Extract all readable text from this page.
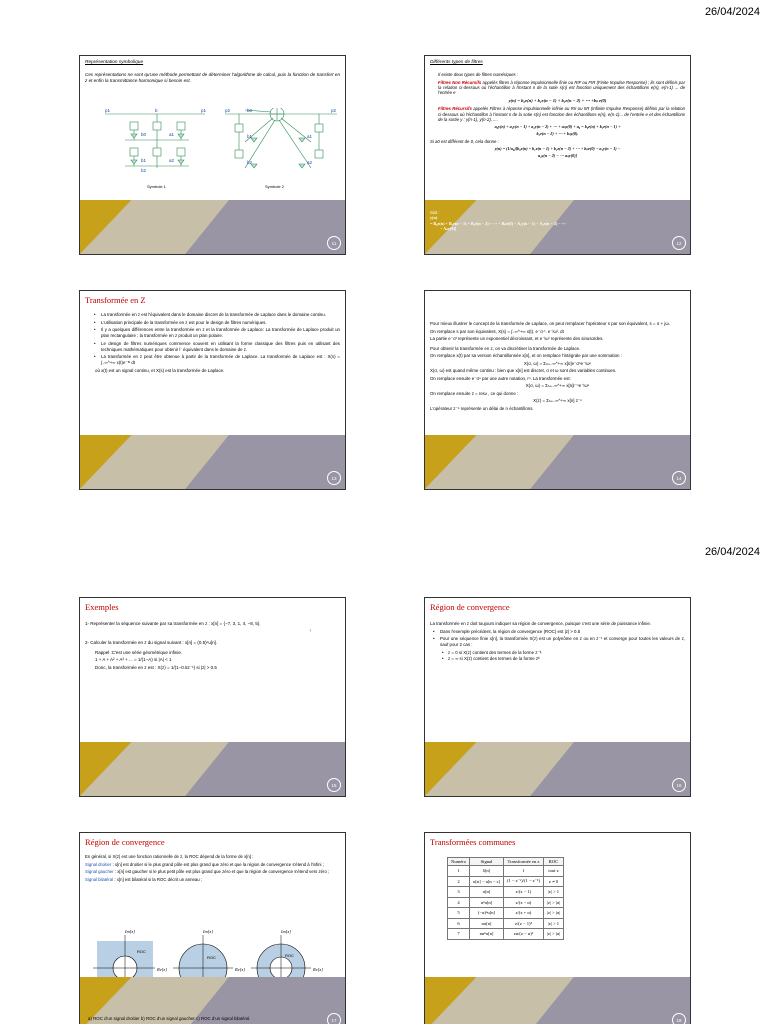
26/04/2024
26/04/2024
Représentation symbolique

Ces représentations ne sont qu'une méthode permettant de déterminer l'algorithme de calcul, puis la fonction de transfert en z et enfin la transmittance harmonique si besoin est.

p1	b	p1
b0	a1
b1	a2
b2
p2	b0	p2
b1	a1
b2	a2
Symbole 1	Symbole 2
11
Différents types de filtres

Il existe deux types de filtres numériques :

Filtres Non Récursifs appelés filtres à réponse impulsionnelle finie ou RIF ou FIR (Finite Impulse Response) ; ils sont définis par la relation ci-dessous où l'échantillon à l'instant n de la sotie s(n) est fonction uniquement des échantillons e(n), e(n-1) ... de l'entrée e

y(n) = b₀e(n) + b₁e(n − 1) + b₂e(n − 2) + ⋯ +bₙ e(0)

Filtres Récursifs appelés Filtres à réponse impulsionnelle infinie ou RII ou IIR (Infinite Impulse Response) définis par la relation ci-dessous où l'échantillon à l'instant n de la sotie s(n) est fonction des échantillons e(n), e(n-1)... de l'entrée e et des échantillons de la sortie y : y(n-1), y(n-2), ....

a₀y(n) + a₁y(n − 1) + a₂y(n − 2) + ⋯ + aₙy(0) + a₀ = b₀e(n) + b₁e(n − 1) +
b₂e(n − 2) + ⋯ + bₙy(0).

Si a0 est différent de 0, cela donne :

y(n) = (1/a₀)[b₀e(n) + b₁e(n − 1) + b₂e(n − 2) + ⋯ + bₙe(0) − a₁y(n − 1) −
a₂y(n − 2) − ⋯ aₙy(0)]
Soit :
y(n)
= B₀e(n) + B₁e(n − 1) + B₂e(n − 2) + ⋯ + Bₙe(0) − A₁y(n − 1) − A₂e(n − 2) − ⋯
− Aₙy(0)]
12
Transformée en Z
• La transformée en z est l'équivalent dans le domaine discret de la transformée de Laplace dans le domaine continu.
• L'utilisation principale de la transformée en z est pour le design de filtres numériques.
• Il y a quelques différences entre la transformée en z et la transformée de Laplace: La transformée de Laplace produit un plan rectangulaire ; la transformée en z produit un plan polaire.
• Le design de filtres numériques commence souvent en utilisant la forme classique des filtres puis en utilisant des techniques mathématiques pour obtenir l` équivalent dans le domaine de z.
• La transformée en z peut être obtenue à partir de la transformée de Laplace. La transformée de Laplace est : X(s) = ∫₋∞^+∞ x(t)e⁻ˢᵗ dt

où x(t) est un signal continu, et X(s) est la transformée de Laplace.

13

Pour mieux illustrer le concept de la transformée de Laplace, on peut remplacer l'opérateur s par son équivalent, s = σ + jω.

On remplace s par son équivalent, X(s) = ∫₋∞^+∞ x(t). e⁻σ·ᵗ. e⁻ʲωᵗ. dt

La partie e⁻σᵗ représente un exponentiel décroissant, et e⁻ʲωᵗ représente des sinusoïdes.

Pour obtenir la transformée en z, on va discrétiser la transformée de Laplace.

On remplace x(t) par sa version échantillonnée x[n], et on remplace l'intégrale par une sommation :

X(σ, ω) = Σₙ₌₋∞^+∞ x[n]e⁻σⁿe⁻ʲωⁿ

X(σ, ω) est quand même continu : bien que x[n] est discret, σ et ω sont des variables continues.

On remplace ensuite e⁻σⁿ par une autre notation, rⁿ. La transformée est:

X(σ, ω) = Σₙ₌₋∞^+∞ x[n]r⁻ⁿe⁻ʲωⁿ

On remplace ensuite z = reʲω , ce qui donne :

X(z) = Σₙ₌₋∞^+∞ x[n] z⁻ⁿ

L'opérateur z⁻ⁿ représente un délai de n échantillons.

14
Exemples

1- Représenter la séquence suivante par sa transformée en z : x[n] = {−7, 3, 1, 4, −8, 5}.

↑

2- Calculer la transformée en z du signal suivant : x[n] = (0.5)ⁿu[n].

Rappel :C'est une série géométrique infinie.

1 + A + A² + A³ + ... = 1/(1−A) si |A| < 1

Donc, la transformée en z est : X(z) = 1/(1−0.5z⁻¹) si |z| > 0.5

15
Région de convergence

La transformée en z doit toujours indiquer sa région de convergence, puisque c'est une série de puissance infinie.

• Dans l'exemple précédent, la région de convergence (ROC) est |z| > 0.5
• Pour une séquence finie x[n], la transformée X(z) est un polynôme en z ou en z⁻¹ et converge pour toutes les valeurs de z, sauf pour 2 cas :
• z = 0 si X(z) contient des termes de la forme z⁻ᵏ.
• z = ∞ si X(z) contient des termes de la forme zᵏ
16
Région de convergence

En général, si X(z) est une fonction rationnelle de z, la ROC dépend de la forme de x[n] :

Signal droitier : x[n] est droitier si le plus grand pôle est plus grand que zéro et que la région de convergence s'étend à l'infini ;

Signal gaucher : x[n] est gaucher si le plus petit pôle est plus grand que zéro et que la région de convergence s'étend vers zéro ;

Signal bilatéral : x[n] est bilatéral si la ROC décrit un anneau ;

Im[z]	Im[z]	Im[z]
Re[z]	Re[z]	Re[z]
ROC
ROC	ROC
a) ROC d'un signal droitier b) ROC d'un signal gaucher c) ROC d'un signal bilatéral	17
Transformées communes
Numéro	Signal	Transformée en z	ROC
1	δ[n]	1	tout z
2	u[n] − u[n − s]	(1 − z⁻ˢ)/(1 − z⁻¹)	z ≠ 0
3	u[n]	z/(z − 1)	|z| > 1
4	αⁿu[n]	z/(z − α)	|z| > |α|
5	(−α)ⁿu[n]	z/(z + α)	|z| > |α|
6	nu[n]	z/(z − 1)²	|z| > 1
7	nαⁿu[n]	zα/(z − α)²	|z| > |α|
18
